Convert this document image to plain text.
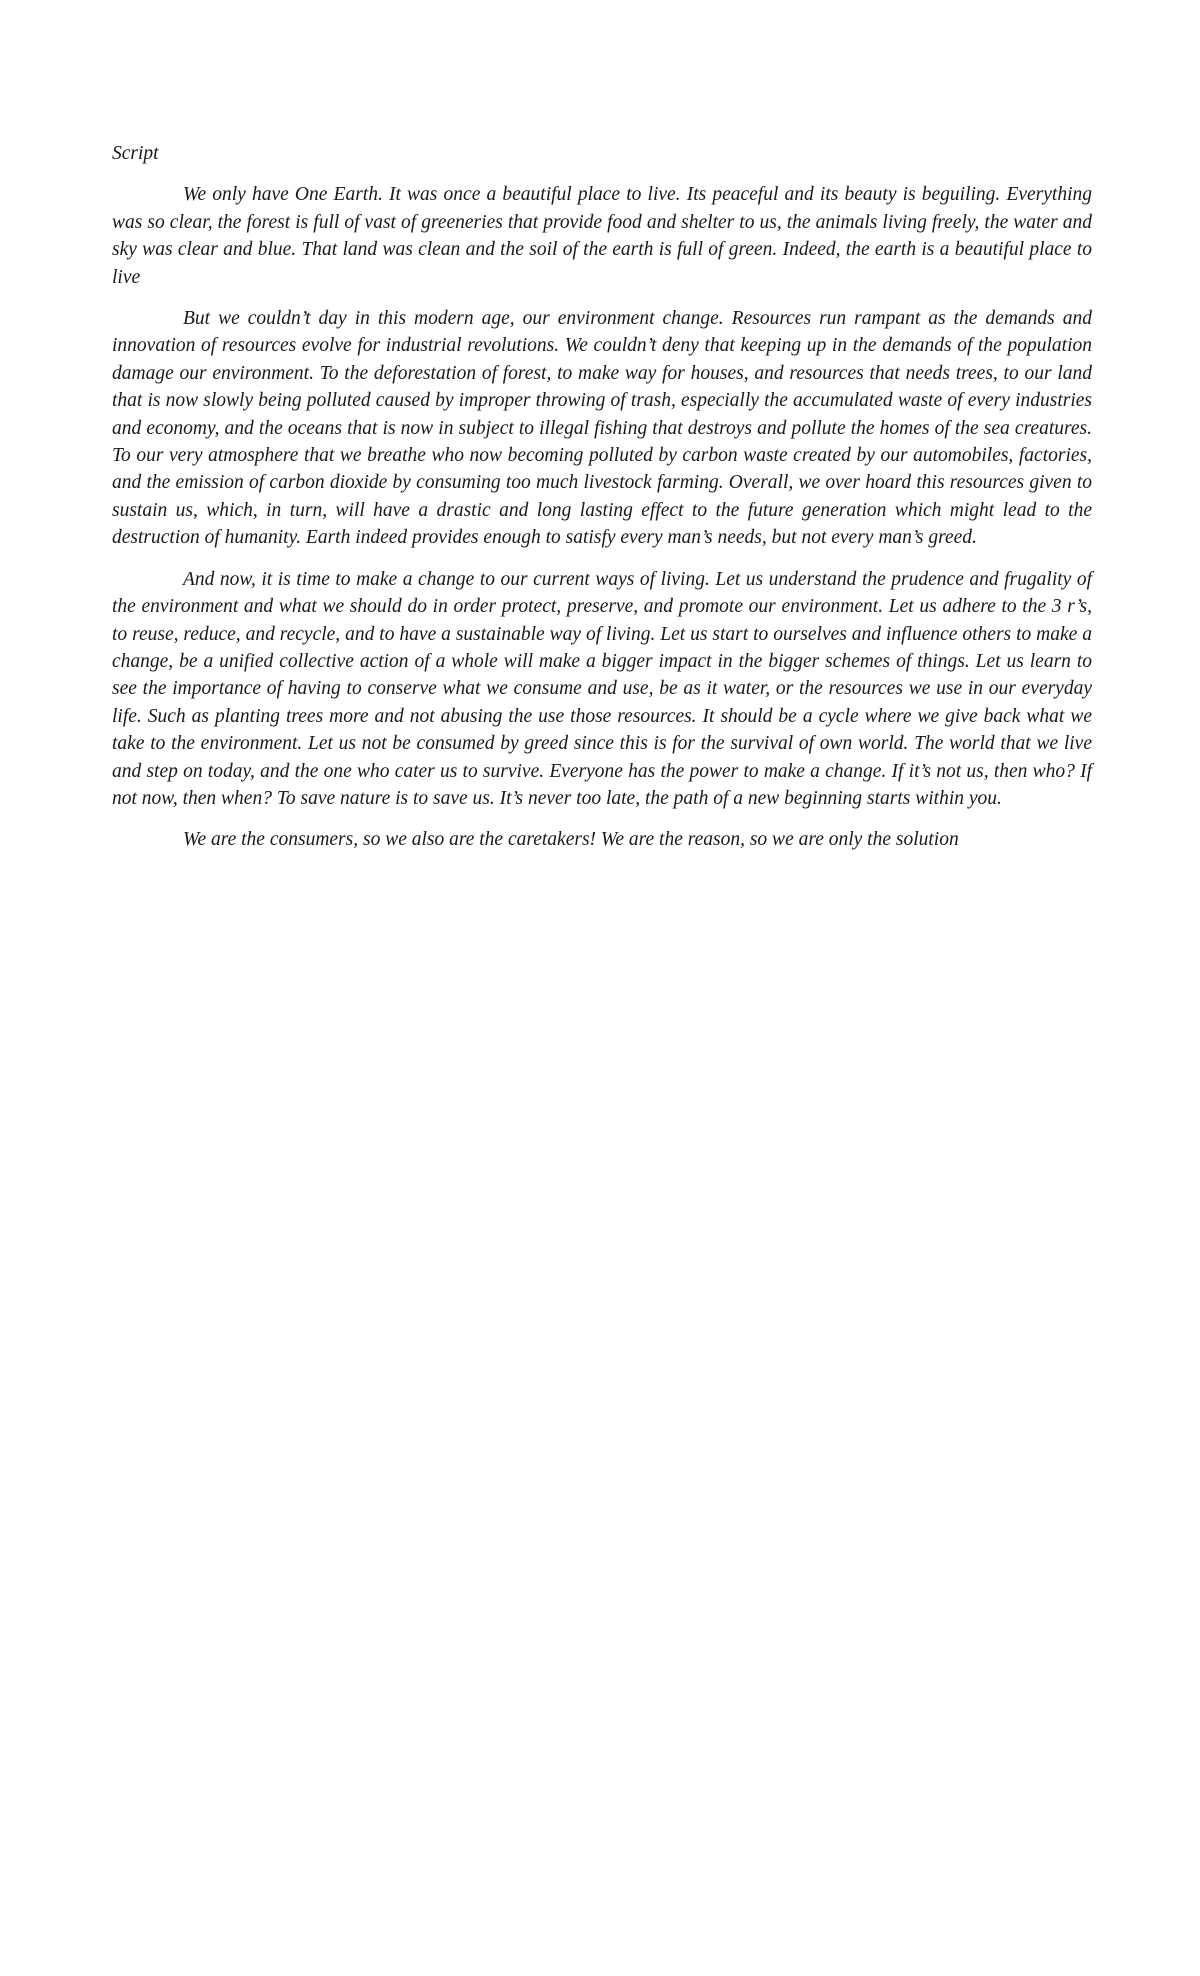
Script

We only have One Earth. It was once a beautiful place to live. Its peaceful and its beauty is beguiling. Everything was so clear, the forest is full of vast of greeneries that provide food and shelter to us, the animals living freely, the water and sky was clear and blue. That land was clean and the soil of the earth is full of green. Indeed, the earth is a beautiful place to live

But we couldn’t day in this modern age, our environment change. Resources run rampant as the demands and innovation of resources evolve for industrial revolutions. We couldn’t deny that keeping up in the demands of the population damage our environment. To the deforestation of forest, to make way for houses, and resources that needs trees, to our land that is now slowly being polluted caused by improper throwing of trash, especially the accumulated waste of every industries and economy, and the oceans that is now in subject to illegal fishing that destroys and pollute the homes of the sea creatures. To our very atmosphere that we breathe who now becoming polluted by carbon waste created by our automobiles, factories, and the emission of carbon dioxide by consuming too much livestock farming. Overall, we over hoard this resources given to sustain us, which, in turn, will have a drastic and long lasting effect to the future generation which might lead to the destruction of humanity. Earth indeed provides enough to satisfy every man’s needs, but not every man’s greed.

And now, it is time to make a change to our current ways of living. Let us understand the prudence and frugality of the environment and what we should do in order protect, preserve, and promote our environment. Let us adhere to the 3 r’s, to reuse, reduce, and recycle, and to have a sustainable way of living. Let us start to ourselves and influence others to make a change, be a unified collective action of a whole will make a bigger impact in the bigger schemes of things. Let us learn to see the importance of having to conserve what we consume and use, be as it water, or the resources we use in our everyday life. Such as planting trees more and not abusing the use those resources. It should be a cycle where we give back what we take to the environment. Let us not be consumed by greed since this is for the survival of own world. The world that we live and step on today, and the one who cater us to survive. Everyone has the power to make a change. If it’s not us, then who? If not now, then when? To save nature is to save us. It’s never too late, the path of a new beginning starts within you.

We are the consumers, so we also are the caretakers! We are the reason, so we are only the solution
